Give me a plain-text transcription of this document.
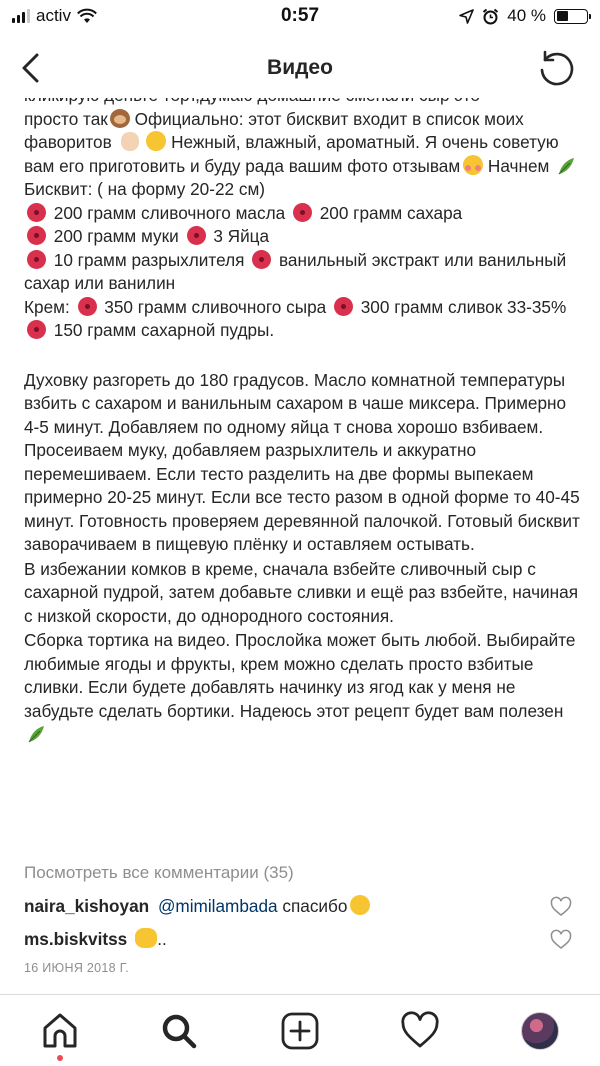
activ	0:57	40 %
Видео

просто так Официально: этот бисквит входит в список моих фаворитов	Нежный, влажный, ароматный. Я очень советую вам его приготовить и буду рада вашим фото отзывам Начнем Бисквит: ( на форму 20-22 см)

200 грамм сливочного масла 200 грамм сахара

200 грамм муки 3 Яйца

10 грамм разрыхлителя ванильный экстракт или ванильный сахар или ванилин

Крем: 350 грамм сливочного сыра 300 грамм сливок 33-35%

150 грамм сахарной пудры.

Духовку разгореть до 180 градусов. Масло комнатной температуры взбить с сахаром и ванильным сахаром в чаше миксера. Примерно 4-5 минут. Добавляем по одному яйца т снова хорошо взбиваем. Просеиваем муку, добавляем разрыхлитель и аккуратно перемешиваем. Если тесто разделить на две формы выпекаем примерно 20-25 минут. Если все тесто разом в одной форме то 40-45 минут. Готовность проверяем деревянной палочкой. Готовый бисквит заворачиваем в пищевую плёнку и оставляем остывать.

В избежании комков в креме, сначала взбейте сливочный сыр с сахарной пудрой, затем добавьте сливки и ещё раз взбейте, начиная с низкой скорости, до однородного состояния.

Сборка тортика на видео. Прослойка может быть любой. Выбирайте любимые ягоды и фрукты, крем можно сделать просто взбитые сливки. Если будете добавлять начинку из ягод как у меня не забудьте сделать бортики. Надеюсь этот рецепт будет вам полезен

Посмотреть все комментарии (35)
naira_kishoyan @mimilambada спасибо
ms.biskvitss ..
16 ИЮНЯ 2018 Г.
